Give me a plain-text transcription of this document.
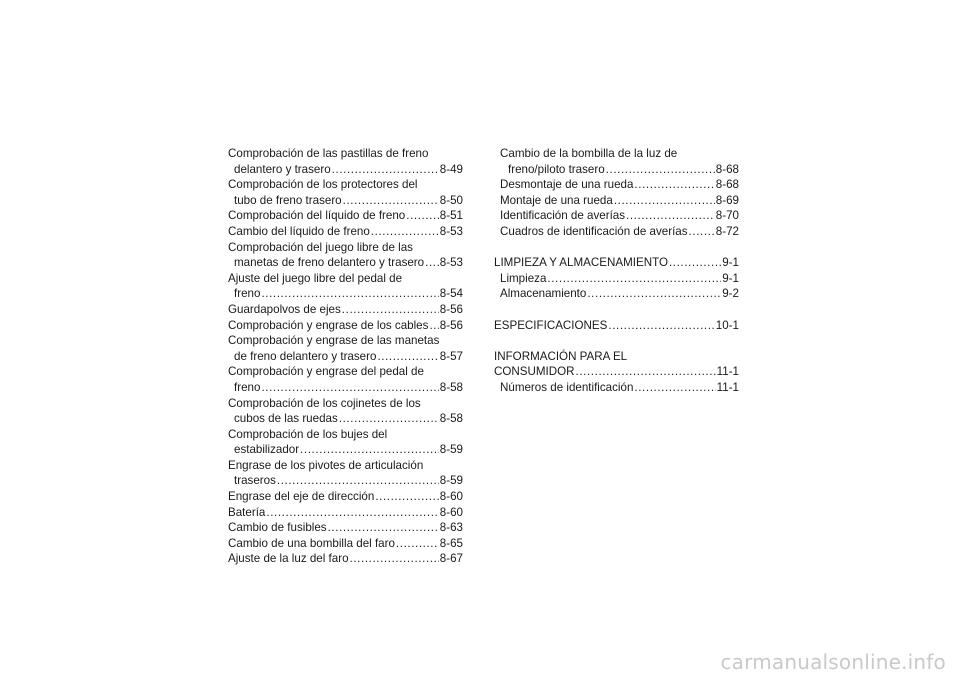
Comprobación de las pastillas de freno
delantero y trasero .....	8-49
Comprobación de los protectores del
tubo de freno trasero .....	8-50
Comprobación del líquido de freno .....	8-51
Cambio del líquido de freno .....	8-53
Comprobación del juego libre de las
manetas de freno delantero y trasero ..... 8-53
Ajuste del juego libre del pedal de
freno .....	8-54
Guardapolvos de ejes .....	8-56
Comprobación y engrase de los cables ..... 8-56
Comprobación y engrase de las manetas
de freno delantero y trasero .....	8-57
Comprobación y engrase del pedal de
freno .....	8-58
Comprobación de los cojinetes de los
cubos de las ruedas .....	8-58
Comprobación de los bujes del
estabilizador .....	8-59
Engrase de los pivotes de articulación
traseros .....	8-59
Engrase del eje de dirección .....	8-60
Batería .....	8-60
Cambio de fusibles .....	8-63
Cambio de una bombilla del faro .....	8-65
Ajuste de la luz del faro .....	8-67
Cambio de la bombilla de la luz de
freno/piloto trasero .....	8-68
Desmontaje de una rueda .....	8-68
Montaje de una rueda .....	8-69
Identificación de averías .....	8-70
Cuadros de identificación de averías ..... 8-72
LIMPIEZA Y ALMACENAMIENTO .....	9-1
Limpieza .....	9-1
Almacenamiento .....	9-2
ESPECIFICACIONES .....	10-1
INFORMACIÓN PARA EL
CONSUMIDOR .....	11-1
Números de identificación .....	11-1
carmanualsonline.info
